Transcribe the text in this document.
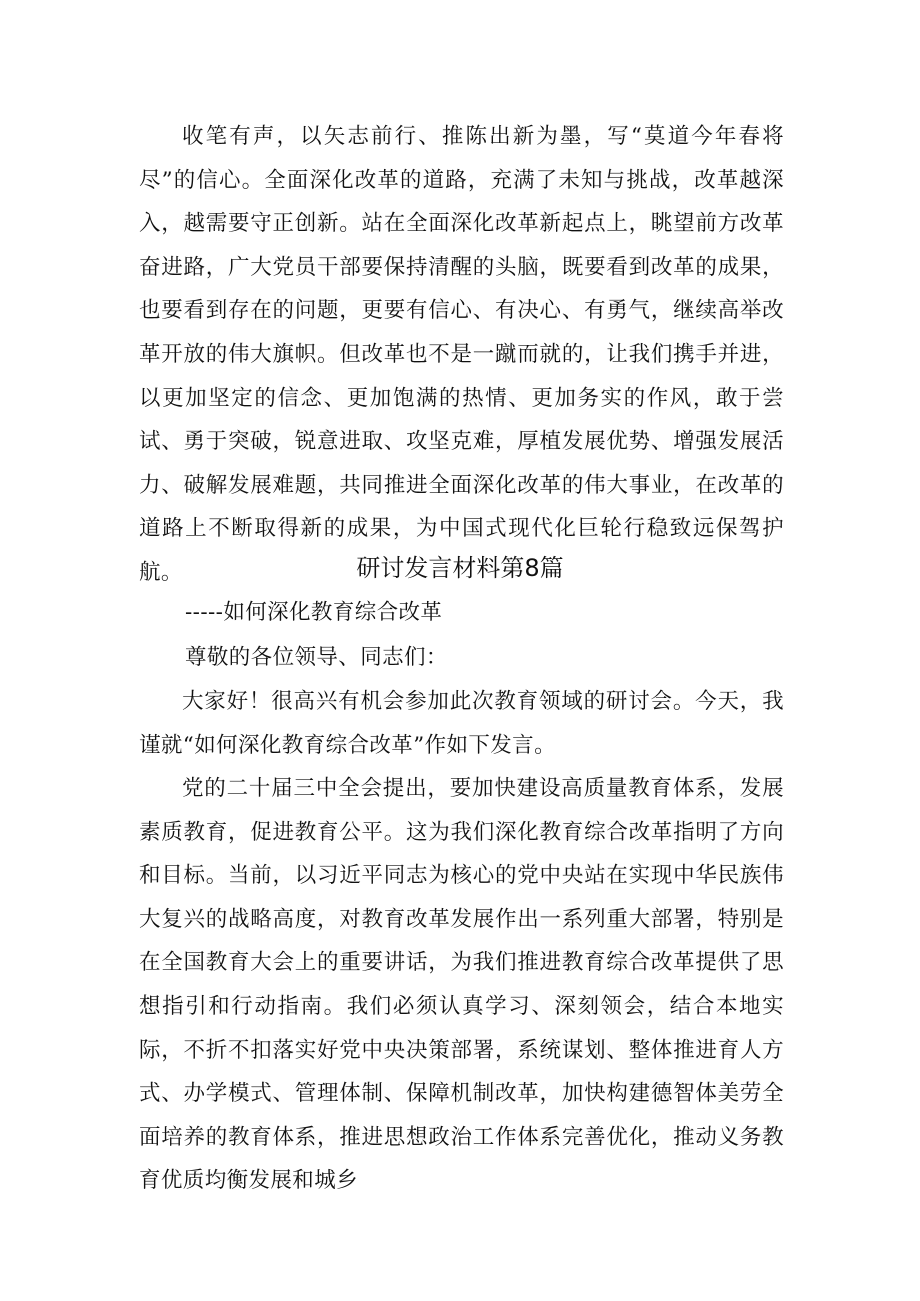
收笔有声，以矢志前行、推陈出新为墨，写“莫道今年春将尽”的信心。全面深化改革的道路，充满了未知与挑战，改革越深入，越需要守正创新。站在全面深化改革新起点上，眺望前方改革奋进路，广大党员干部要保持清醒的头脑，既要看到改革的成果，也要看到存在的问题，更要有信心、有决心、有勇气，继续高举改革开放的伟大旗帜。但改革也不是一蹴而就的，让我们携手并进，以更加坚定的信念、更加饱满的热情、更加务实的作风，敢于尝试、勇于突破，锐意进取、攻坚克难，厚植发展优势、增强发展活力、破解发展难题，共同推进全面深化改革的伟大事业，在改革的道路上不断取得新的成果，为中国式现代化巨轮行稳致远保驾护航。	研讨发言材料第8篇
-----如何深化教育综合改革
尊敬的各位领导、同志们：

大家好！很高兴有机会参加此次教育领域的研讨会。今天，我谨就“如何深化教育综合改革”作如下发言。

党的二十届三中全会提出，要加快建设高质量教育体系，发展素质教育，促进教育公平。这为我们深化教育综合改革指明了方向和目标。当前，以习近平同志为核心的党中央站在实现中华民族伟大复兴的战略高度，对教育改革发展作出一系列重大部署，特别是在全国教育大会上的重要讲话，为我们推进教育综合改革提供了思想指引和行动指南。我们必须认真学习、深刻领会，结合本地实际，不折不扣落实好党中央决策部署，系统谋划、整体推进育人方式、办学模式、管理体制、保障机制改革，加快构建德智体美劳全面培养的教育体系，推进思想政治工作体系完善优化，推动义务教育优质均衡发展和城乡
